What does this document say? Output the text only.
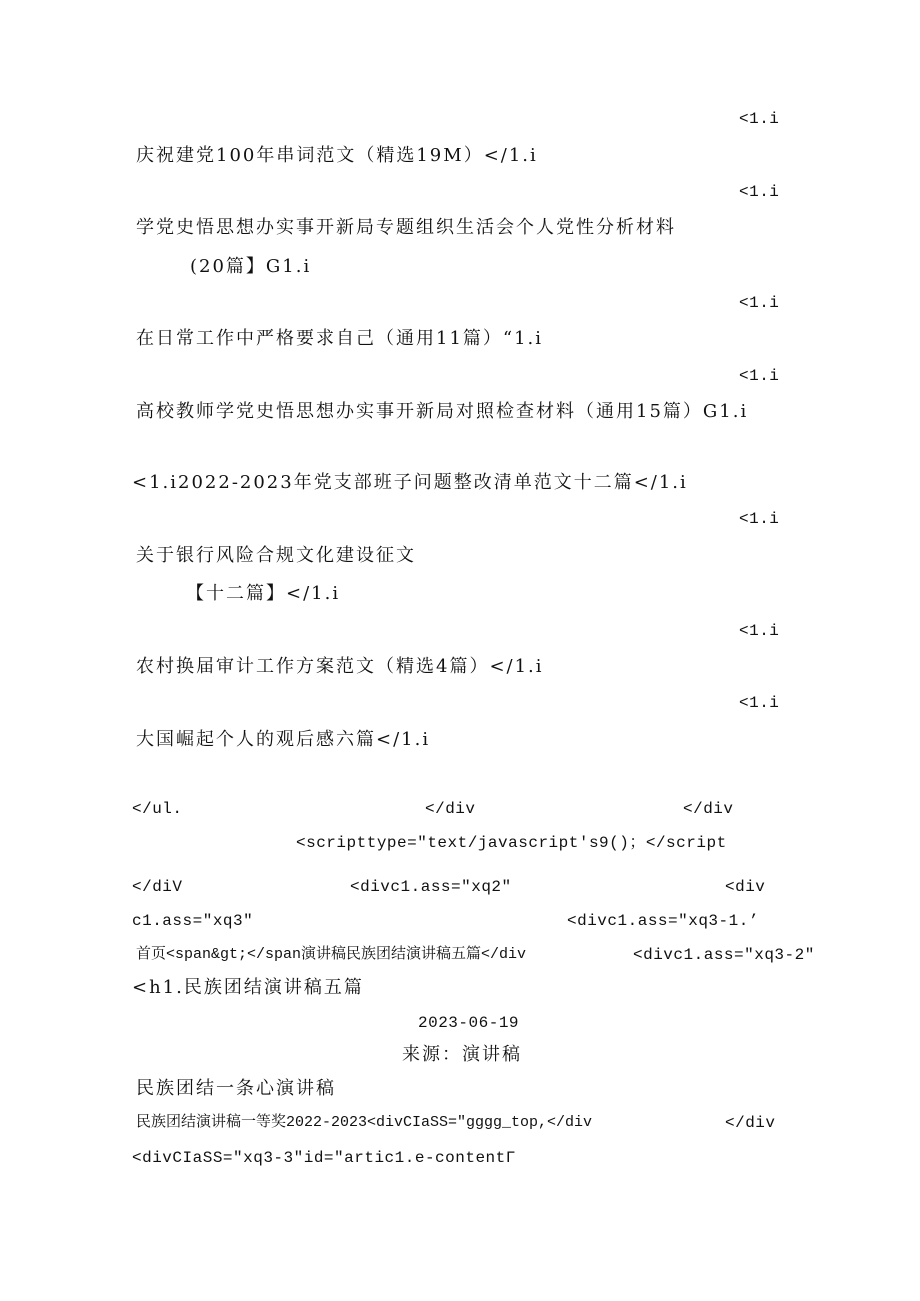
<1.i
庆祝建党100年串词范文（精选19M）</1.i
<1.i
学党史悟思想办实事开新局专题组织生活会个人党性分析材料
(20篇】G1.i
<1.i
在日常工作中严格要求自己（通用11篇）“1.i
<1.i
高校教师学党史悟思想办实事开新局对照检查材料（通用15篇）G1.i
<1.i2022-2023年党支部班子问题整改清单范文十二篇</1.i
<1.i
关于银行风险合规文化建设征文
【十二篇】</1.i
<1.i
农村换届审计工作方案范文（精选4篇）</1.i
<1.i
大国崛起个人的观后感六篇</1.i
</ul.	</div	</div
<scripttype="text/javascript's9()；</script
</diV	<divc1.ass="xq2″	<div
c1.ass="xq3″	<divc1.ass="xq3-1.’
首页<span&gt;</span演讲稿民族团结演讲稿五篇</div	<divc1.ass="xq3-2″
<h1.民族团结演讲稿五篇
2023-06-19
来源：演讲稿
民族团结一条心演讲稿
民族团结演讲稿一等奖2022-2023<divCIaSS="gggg_top,</div	</div
<divCIaSS="xq3-3″id="artic1.e-contentΓ
